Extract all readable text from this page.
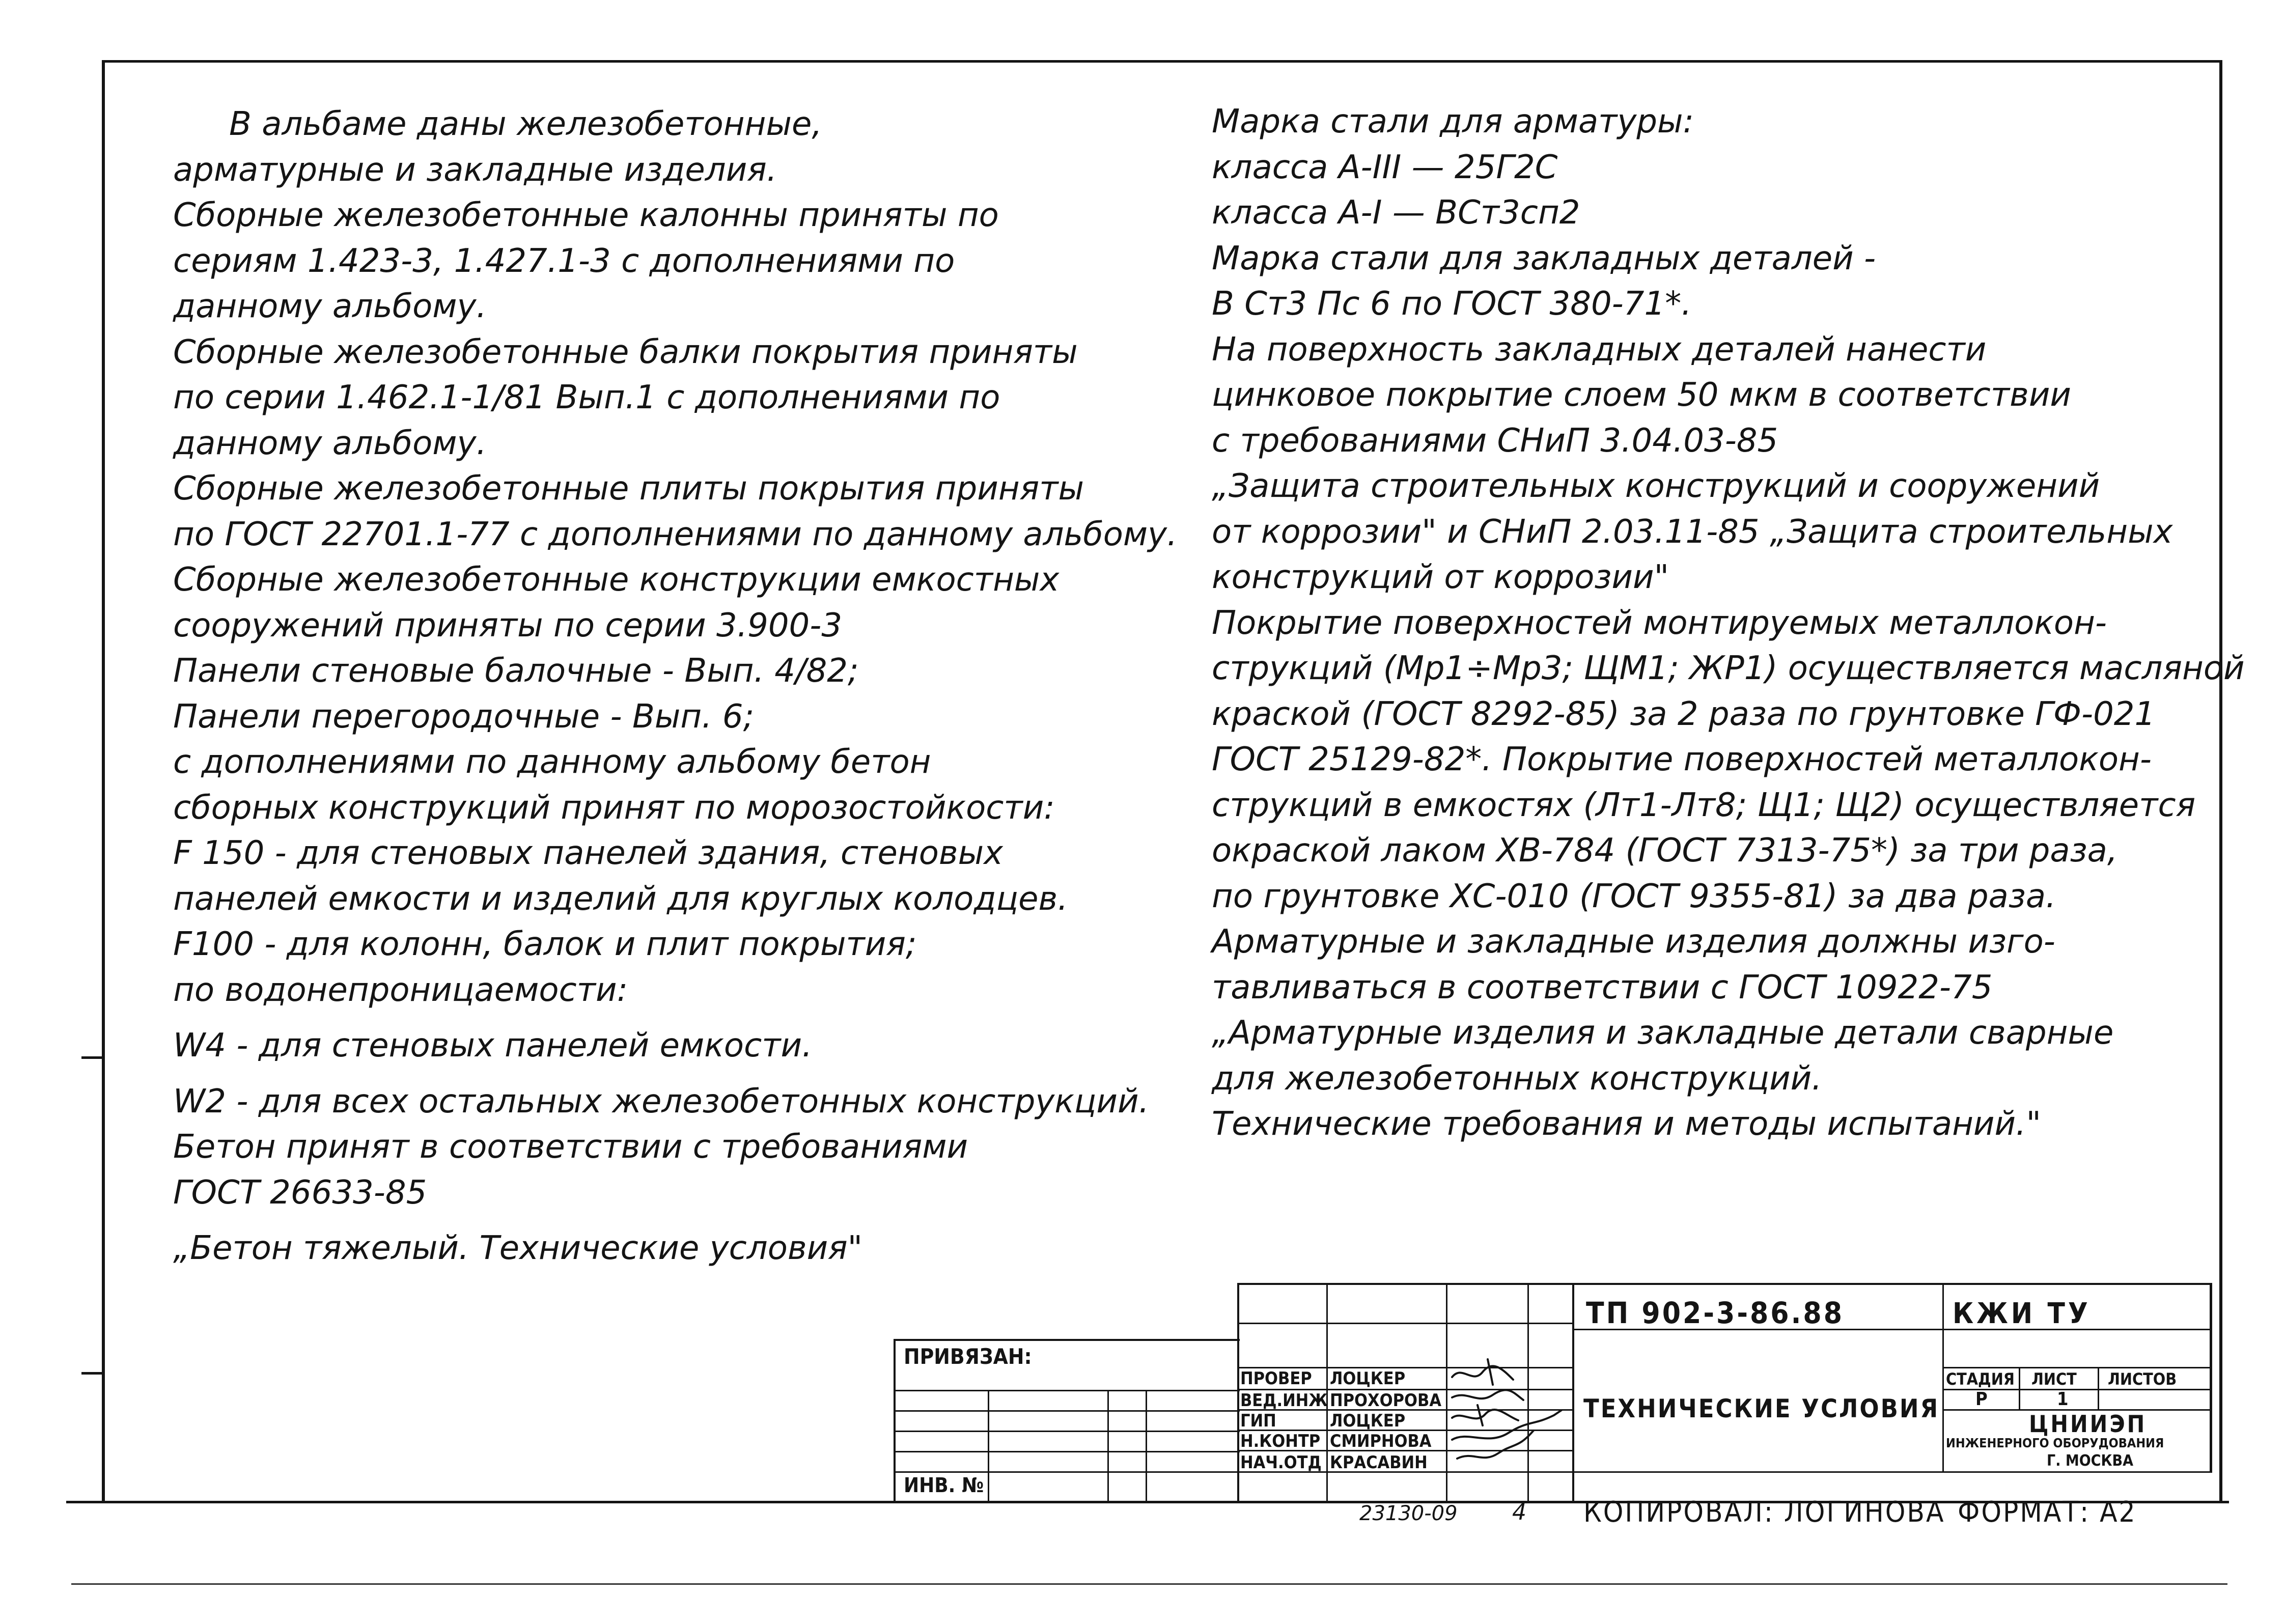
В альбаме даны железобетонные,
арматурные и закладные изделия.
Сборные железобетонные калонны приняты по
сериям 1.423-3, 1.427.1-3 с дополнениями по
данному альбому.
Сборные железобетонные балки покрытия приняты
по серии 1.462.1-1/81 Вып.1 с дополнениями по
данному альбому.
Сборные железобетонные плиты покрытия приняты
по ГОСТ 22701.1-77 с дополнениями по данному альбому.
Сборные железобетонные конструкции емкостных
сооружений приняты по серии 3.900-3
Панели стеновые балочные - Вып. 4/82;
Панели перегородочные - Вып. 6;
с дополнениями по данному альбому бетон
сборных конструкций принят по морозостойкости:
F 150 - для стеновых панелей здания, стеновых
панелей емкости и изделий для круглых колодцев.
F100 - для колонн, балок и плит покрытия;
по водонепроницаемости:
W4 - для стеновых панелей емкости.
W2 - для всех остальных железобетонных конструкций.
Бетон принят в соответствии с требованиями
ГОСТ 26633-85
„Бетон тяжелый. Технические условия"
Марка стали для арматуры:
класса А-III — 25Г2С
класса А-I — ВСт3сп2
Марка стали для закладных деталей -
В Ст3 Пс 6 по ГОСТ 380-71*.
На поверхность закладных деталей нанести
цинковое покрытие слоем 50 мкм в соответствии
с требованиями СНиП 3.04.03-85
„Защита строительных конструкций и сооружений
от коррозии" и СНиП 2.03.11-85 „Защита строительных
конструкций от коррозии"
Покрытие поверхностей монтируемых металлокон-
струкций (Мр1÷Мр3; ЩМ1; ЖР1) осуществляется масляной
краской (ГОСТ 8292-85) за 2 раза по грунтовке ГФ-021
ГОСТ 25129-82*. Покрытие поверхностей металлокон-
струкций в емкостях (Лт1-Лт8; Щ1; Щ2) осуществляется
окраской лаком ХВ-784 (ГОСТ 7313-75*) за три раза,
по грунтовке ХС-010 (ГОСТ 9355-81) за два раза.
Арматурные и закладные изделия должны изго-
тавливаться в соответствии с ГОСТ 10922-75
„Арматурные изделия и закладные детали сварные
для железобетонных конструкций.
Технические требования и методы испытаний."
ПРИВЯЗАН:
ИНВ. №
ПРОВЕР
ВЕД.ИНЖ
ГИП
Н.КОНТР
НАЧ.ОТД
ЛОЦКЕР
ПРОХОРОВА
ЛОЦКЕР
СМИРНОВА
КРАСАВИН
ТП 902-3-86.88	КЖИ ТУ
ТЕХНИЧЕСКИЕ УСЛОВИЯ
СТАДИЯ ЛИСТ ЛИСТОВ
Р	1
ЦНИИЭП
ИНЖЕНЕРНОГО ОБОРУДОВАНИЯ
Г. МОСКВА
23130-09 4 КОПИРОВАЛ: ЛОГИНОВА ФОРМАТ: А2
